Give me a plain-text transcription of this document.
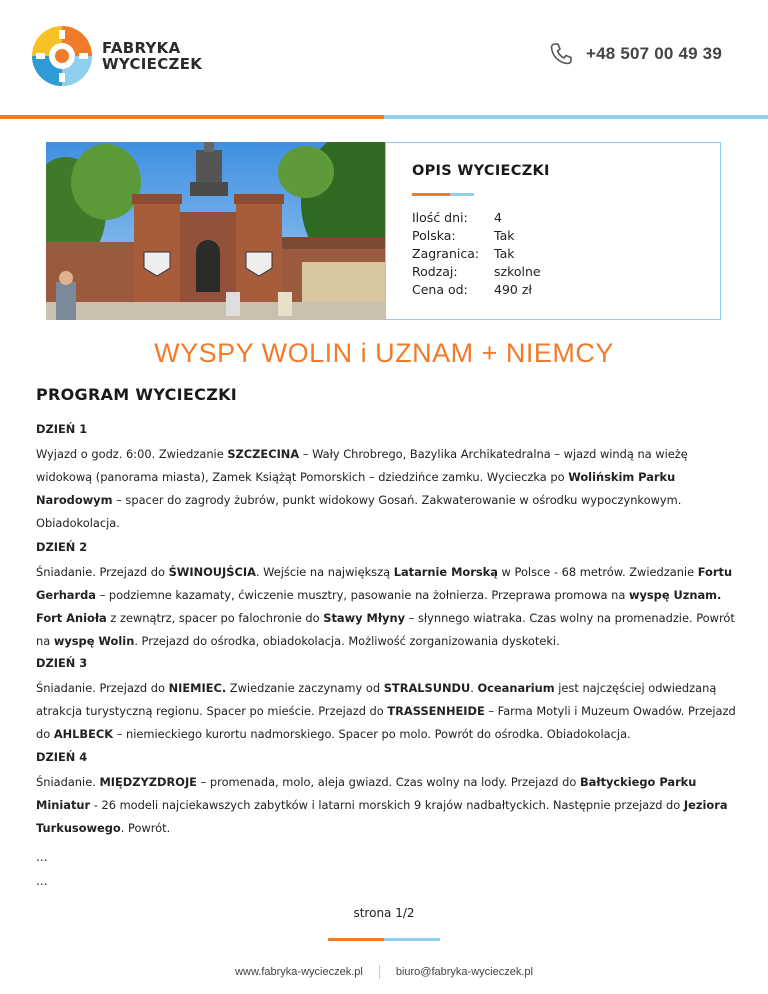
FABRYKA
WYCIECZEK
+48 507 00 49 39
OPIS WYCIECZKI
Ilość dni:	4
Polska:	Tak
Zagranica:	Tak
Rodzaj:	szkolne
Cena od:	490 zł
WYSPY WOLIN i UZNAM + NIEMCY
PROGRAM WYCIECZKI
DZIEŃ 1

Wyjazd o godz. 6:00. Zwiedzanie SZCZECINA – Wały Chrobrego, Bazylika Archikatedralna – wjazd windą na wieżę widokową (panorama miasta), Zamek Książąt Pomorskich – dziedzińce zamku. Wycieczka po Wolińskim Parku Narodowym – spacer do zagrody żubrów, punkt widokowy Gosań. Zakwaterowanie w ośrodku wypoczynkowym. Obiadokolacja.

DZIEŃ 2

Śniadanie. Przejazd do ŚWINOUJŚCIA. Wejście na największą Latarnie Morską w Polsce - 68 metrów. Zwiedzanie Fortu Gerharda – podziemne kazamaty, ćwiczenie musztry, pasowanie na żołnierza. Przeprawa promowa na wyspę Uznam. Fort Anioła z zewnątrz, spacer po falochronie do Stawy Młyny – słynnego wiatraka. Czas wolny na promenadzie. Powrót na wyspę Wolin. Przejazd do ośrodka, obiadokolacja. Możliwość zorganizowania dyskoteki.

DZIEŃ 3

Śniadanie. Przejazd do NIEMIEC. Zwiedzanie zaczynamy od STRALSUNDU. Oceanarium jest najczęściej odwiedzaną atrakcja turystyczną regionu. Spacer po mieście. Przejazd do TRASSENHEIDE – Farma Motyli i Muzeum Owadów. Przejazd do AHLBECK – niemieckiego kurortu nadmorskiego. Spacer po molo. Powrót do ośrodka. Obiadokolacja.

DZIEŃ 4

Śniadanie. MIĘDZYZDROJE – promenada, molo, aleja gwiazd. Czas wolny na lody. Przejazd do Bałtyckiego Parku Miniatur - 26 modeli najciekawszych zabytków i latarni morskich 9 krajów nadbałtyckich. Następnie przejazd do Jeziora Turkusowego. Powrót.

...
...
strona 1/2
www.fabryka-wycieczek.pl	biuro@fabryka-wycieczek.pl
